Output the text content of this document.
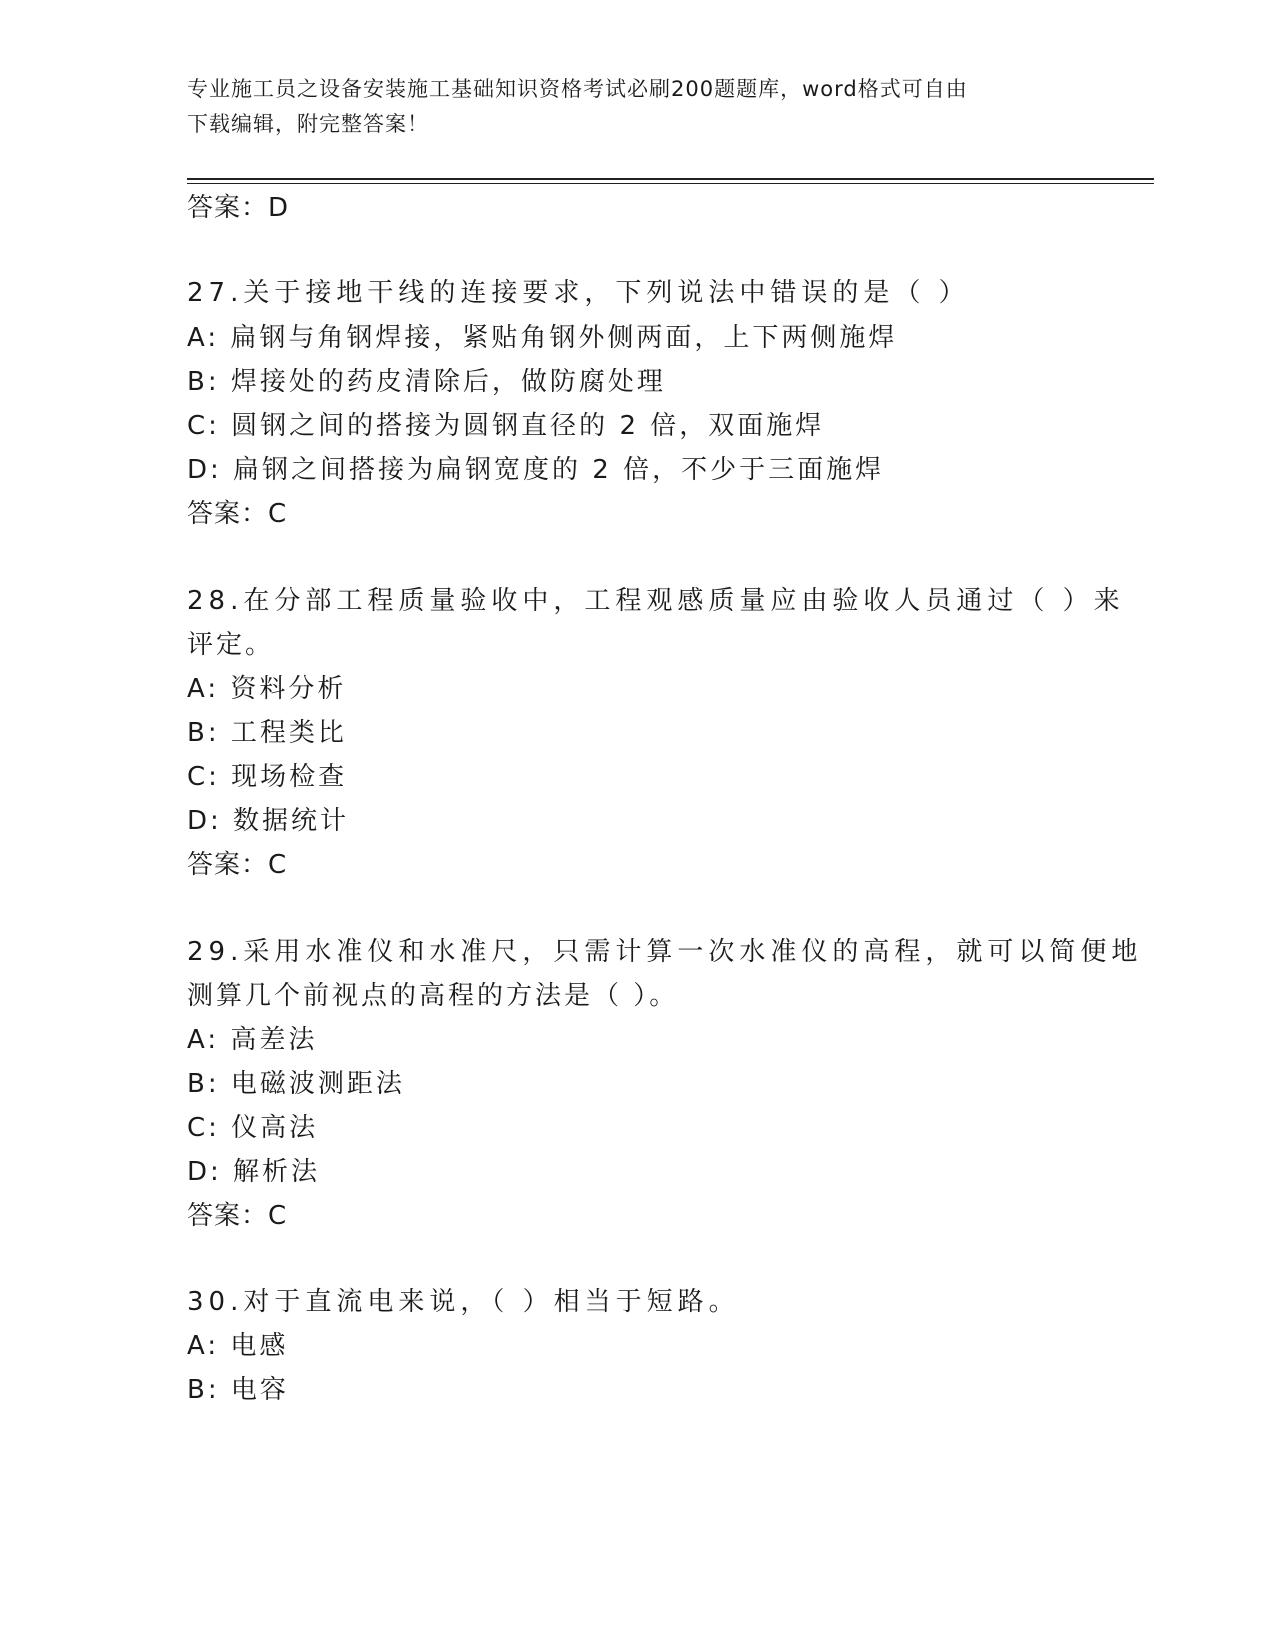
专业施工员之设备安装施工基础知识资格考试必刷200题题库，word格式可自由
下载编辑，附完整答案！
答案：D
27.关于接地干线的连接要求，下列说法中错误的是（ ）
A: 扁钢与角钢焊接，紧贴角钢外侧两面，上下两侧施焊
B: 焊接处的药皮清除后，做防腐处理
C: 圆钢之间的搭接为圆钢直径的 2 倍，双面施焊
D: 扁钢之间搭接为扁钢宽度的 2 倍，不少于三面施焊
答案：C
28.在分部工程质量验收中，工程观感质量应由验收人员通过（ ）来
评定。
A: 资料分析
B: 工程类比
C: 现场检查
D: 数据统计
答案：C
29.采用水准仪和水准尺，只需计算一次水准仪的高程，就可以简便地
测算几个前视点的高程的方法是（ ）。
A: 高差法
B: 电磁波测距法
C: 仪高法
D: 解析法
答案：C
30.对于直流电来说，（ ）相当于短路。
A: 电感
B: 电容
